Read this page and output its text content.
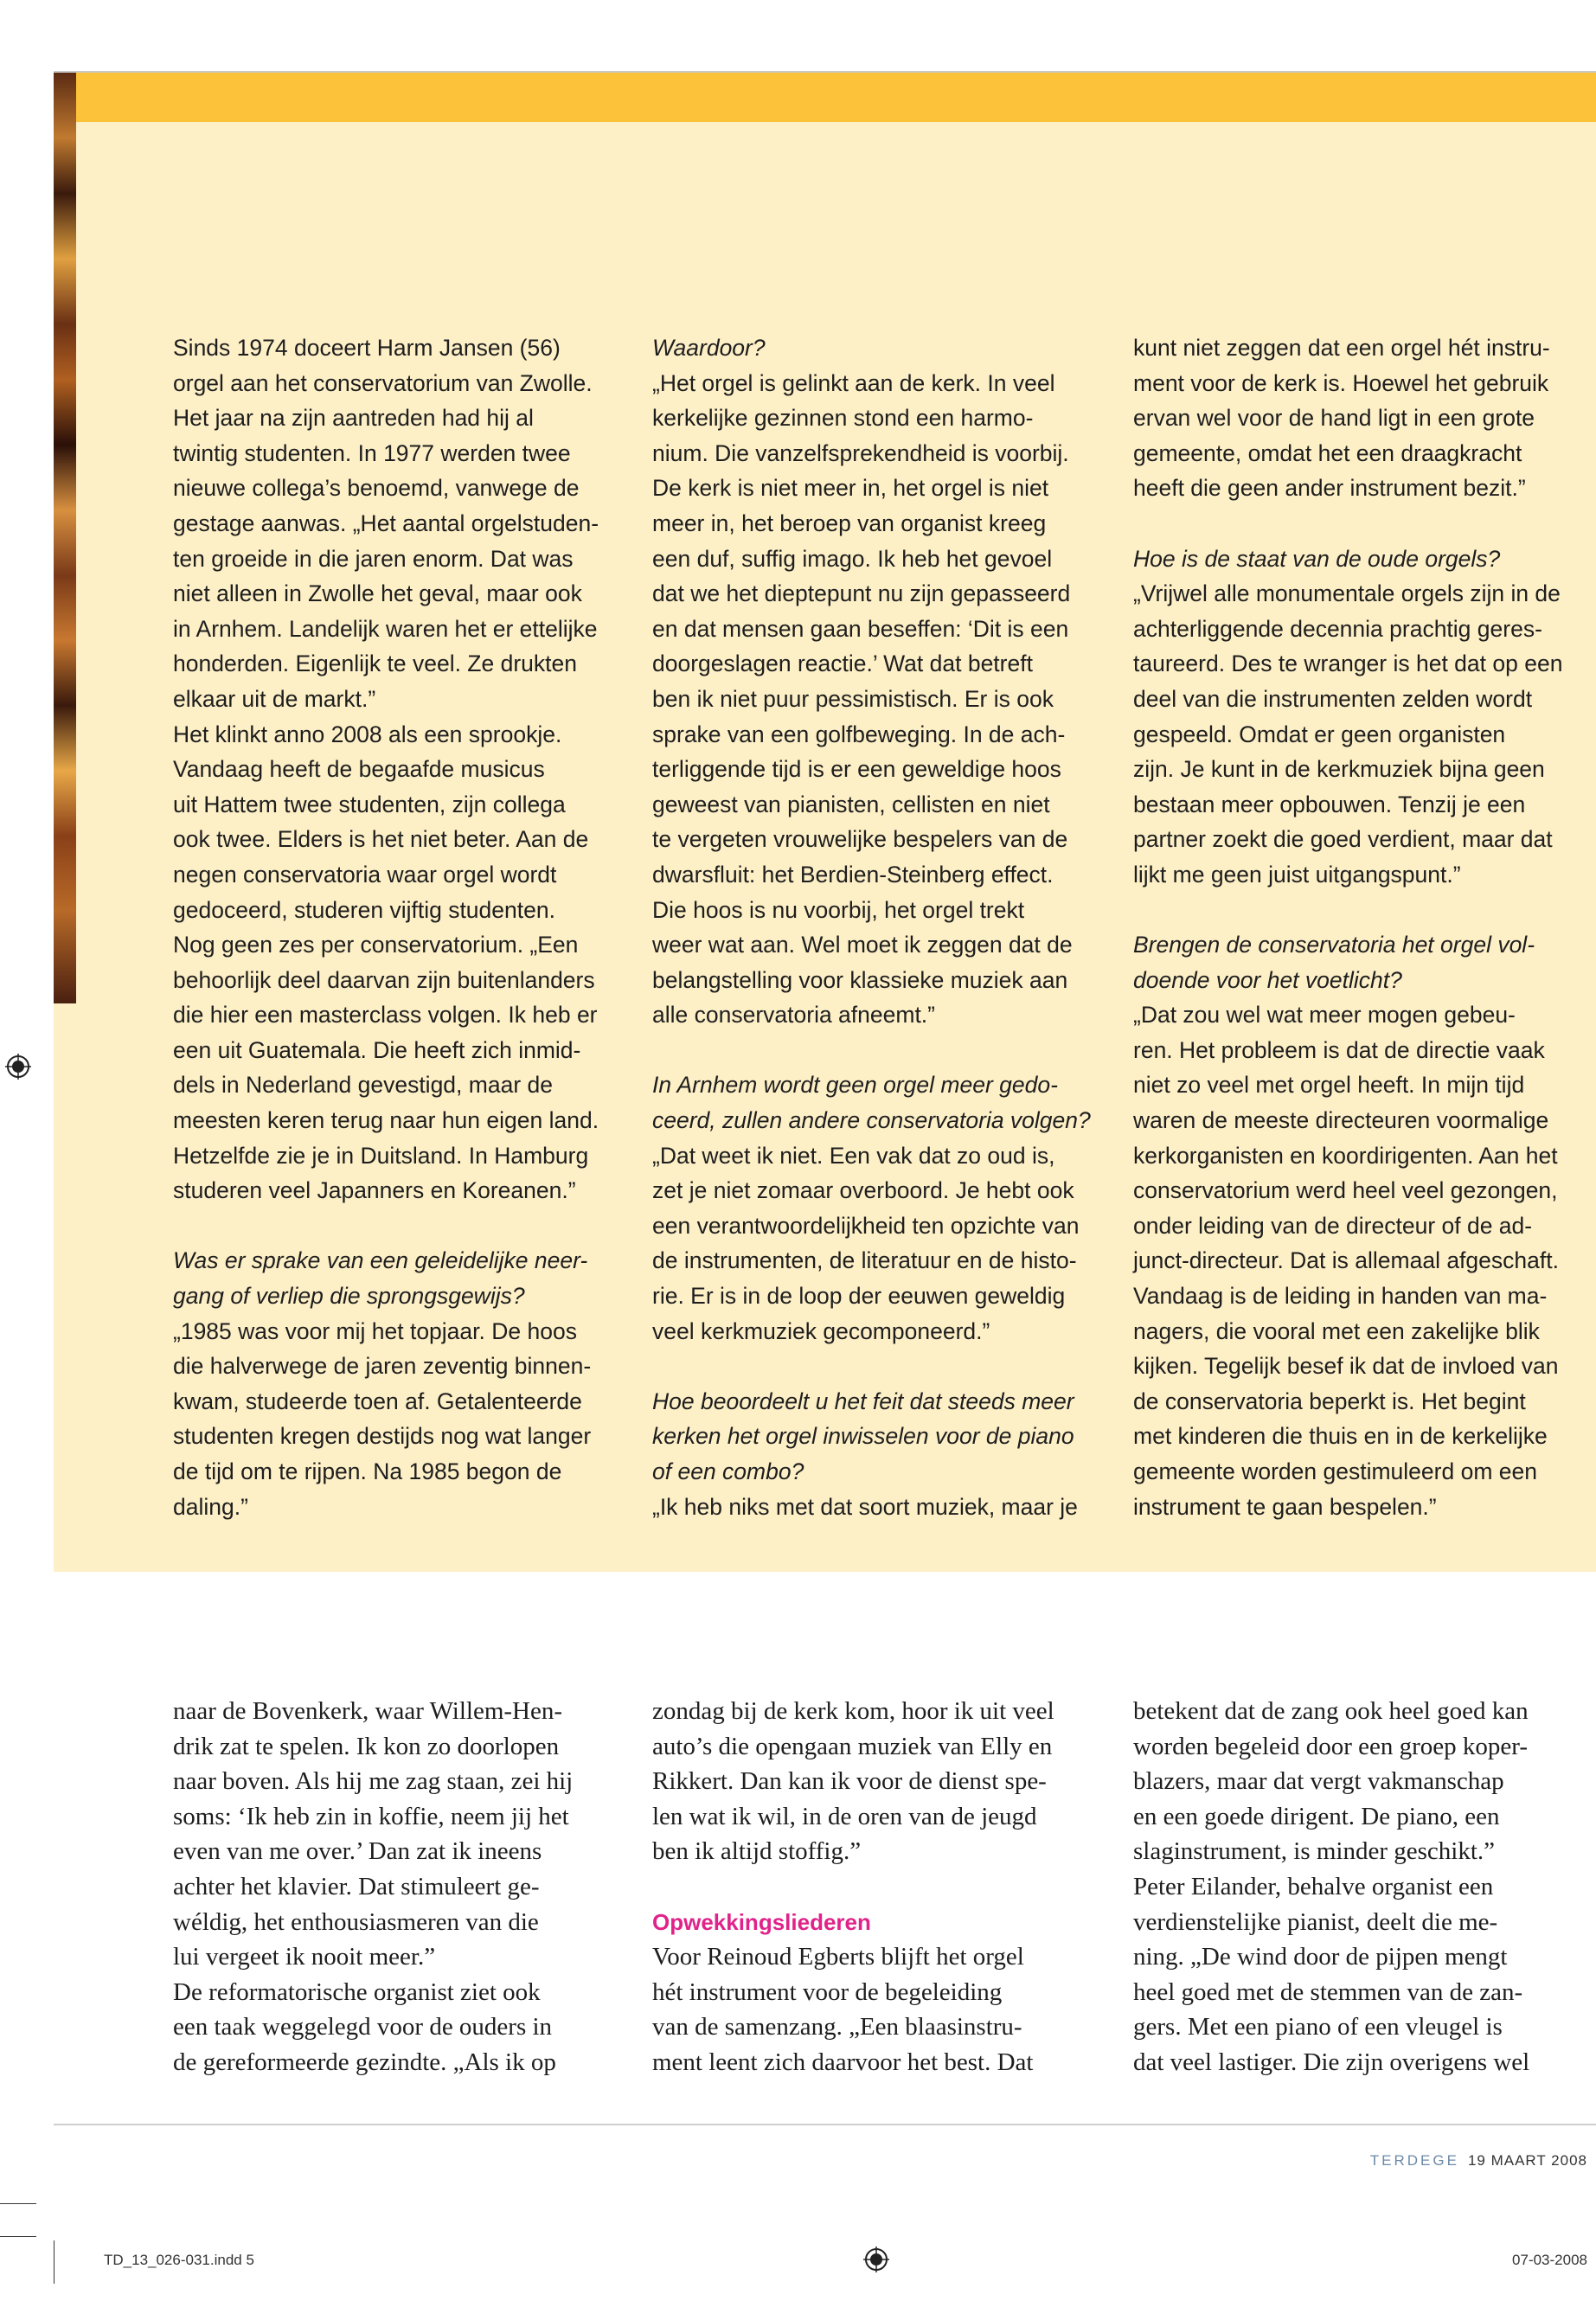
Sinds 1974 doceert Harm Jansen (56)

orgel aan het conservatorium van Zwolle.

Het jaar na zijn aantreden had hij al

twintig studenten. In 1977 werden twee

nieuwe collega’s benoemd, vanwege de

gestage aanwas. „Het aantal orgelstuden-

ten groeide in die jaren enorm. Dat was

niet alleen in Zwolle het geval, maar ook

in Arnhem. Landelijk waren het er ettelijke

honderden. Eigenlijk te veel. Ze drukten

elkaar uit de markt.”

Het klinkt anno 2008 als een sprookje.

Vandaag heeft de begaafde musicus

uit Hattem twee studenten, zijn collega

ook twee. Elders is het niet beter. Aan de

negen conservatoria waar orgel wordt

gedoceerd, studeren vijftig studenten.

Nog geen zes per conservatorium. „Een

behoorlijk deel daarvan zijn buitenlanders

die hier een masterclass volgen. Ik heb er

een uit Guatemala. Die heeft zich inmid-

dels in Nederland gevestigd, maar de

meesten keren terug naar hun eigen land.

Hetzelfde zie je in Duitsland. In Hamburg

studeren veel Japanners en Koreanen.”

Was er sprake van een geleidelijke neer-

gang of verliep die sprongsgewijs?

„1985 was voor mij het topjaar. De hoos

die halverwege de jaren zeventig binnen-

kwam, studeerde toen af. Getalenteerde

studenten kregen destijds nog wat langer

de tijd om te rijpen. Na 1985 begon de

daling.”

Waardoor?

„Het orgel is gelinkt aan de kerk. In veel

kerkelijke gezinnen stond een harmo-

nium. Die vanzelfsprekendheid is voorbij.

De kerk is niet meer in, het orgel is niet

meer in, het beroep van organist kreeg

een duf, suffig imago. Ik heb het gevoel

dat we het dieptepunt nu zijn gepasseerd

en dat mensen gaan beseffen: ‘Dit is een

doorgeslagen reactie.’ Wat dat betreft

ben ik niet puur pessimistisch. Er is ook

sprake van een golfbeweging. In de ach-

terliggende tijd is er een geweldige hoos

geweest van pianisten, cellisten en niet

te vergeten vrouwelijke bespelers van de

dwarsfluit: het Berdien-Steinberg effect.

Die hoos is nu voorbij, het orgel trekt

weer wat aan. Wel moet ik zeggen dat de

belangstelling voor klassieke muziek aan

alle conservatoria afneemt.”

In Arnhem wordt geen orgel meer gedo-

ceerd, zullen andere conservatoria volgen?

„Dat weet ik niet. Een vak dat zo oud is,

zet je niet zomaar overboord. Je hebt ook

een verantwoordelijkheid ten opzichte van

de instrumenten, de literatuur en de histo-

rie. Er is in de loop der eeuwen geweldig

veel kerkmuziek gecomponeerd.”

Hoe beoordeelt u het feit dat steeds meer

kerken het orgel inwisselen voor de piano

of een combo?

„Ik heb niks met dat soort muziek, maar je

kunt niet zeggen dat een orgel hét instru-

ment voor de kerk is. Hoewel het gebruik

ervan wel voor de hand ligt in een grote

gemeente, omdat het een draagkracht

heeft die geen ander instrument bezit.”

Hoe is de staat van de oude orgels?

„Vrijwel alle monumentale orgels zijn in de

achterliggende decennia prachtig geres-

taureerd. Des te wranger is het dat op een

deel van die instrumenten zelden wordt

gespeeld. Omdat er geen organisten

zijn. Je kunt in de kerkmuziek bijna geen

bestaan meer opbouwen. Tenzij je een

partner zoekt die goed verdient, maar dat

lijkt me geen juist uitgangspunt.”

Brengen de conservatoria het orgel vol-

doende voor het voetlicht?

„Dat zou wel wat meer mogen gebeu-

ren. Het probleem is dat de directie vaak

niet zo veel met orgel heeft. In mijn tijd

waren de meeste directeuren voormalige

kerkorganisten en koordirigenten. Aan het

conservatorium werd heel veel gezongen,

onder leiding van de directeur of de ad-

junct-directeur. Dat is allemaal afgeschaft.

Vandaag is de leiding in handen van ma-

nagers, die vooral met een zakelijke blik

kijken. Tegelijk besef ik dat de invloed van

de conservatoria beperkt is. Het begint

met kinderen die thuis en in de kerkelijke

gemeente worden gestimuleerd om een

instrument te gaan bespelen.”

naar de Bovenkerk, waar Willem-Hen-

drik zat te spelen. Ik kon zo doorlopen

naar boven. Als hij me zag staan, zei hij

soms: ‘Ik heb zin in koffie, neem jij het

even van me over.’ Dan zat ik ineens

achter het klavier. Dat stimuleert ge-

wéldig, het enthousiasmeren van die

lui vergeet ik nooit meer.”

De reformatorische organist ziet ook

een taak weggelegd voor de ouders in

de gereformeerde gezindte. „Als ik op

zondag bij de kerk kom, hoor ik uit veel

auto’s die opengaan muziek van Elly en

Rikkert. Dan kan ik voor de dienst spe-

len wat ik wil, in de oren van de jeugd

ben ik altijd stoffig.”

Opwekkingsliederen

Voor Reinoud Egberts blijft het orgel

hét instrument voor de begeleiding

van de samenzang. „Een blaasinstru-

ment leent zich daarvoor het best. Dat

betekent dat de zang ook heel goed kan

worden begeleid door een groep koper-

blazers, maar dat vergt vakmanschap

en een goede dirigent. De piano, een

slaginstrument, is minder geschikt.”

Peter Eilander, behalve organist een

verdienstelijke pianist, deelt die me-

ning. „De wind door de pijpen mengt

heel goed met de stemmen van de zan-

gers. Met een piano of een vleugel is

dat veel lastiger. Die zijn overigens wel

TERDEGE 19 MAART 2008
TD_13_026-031.indd 5	07-03-2008
